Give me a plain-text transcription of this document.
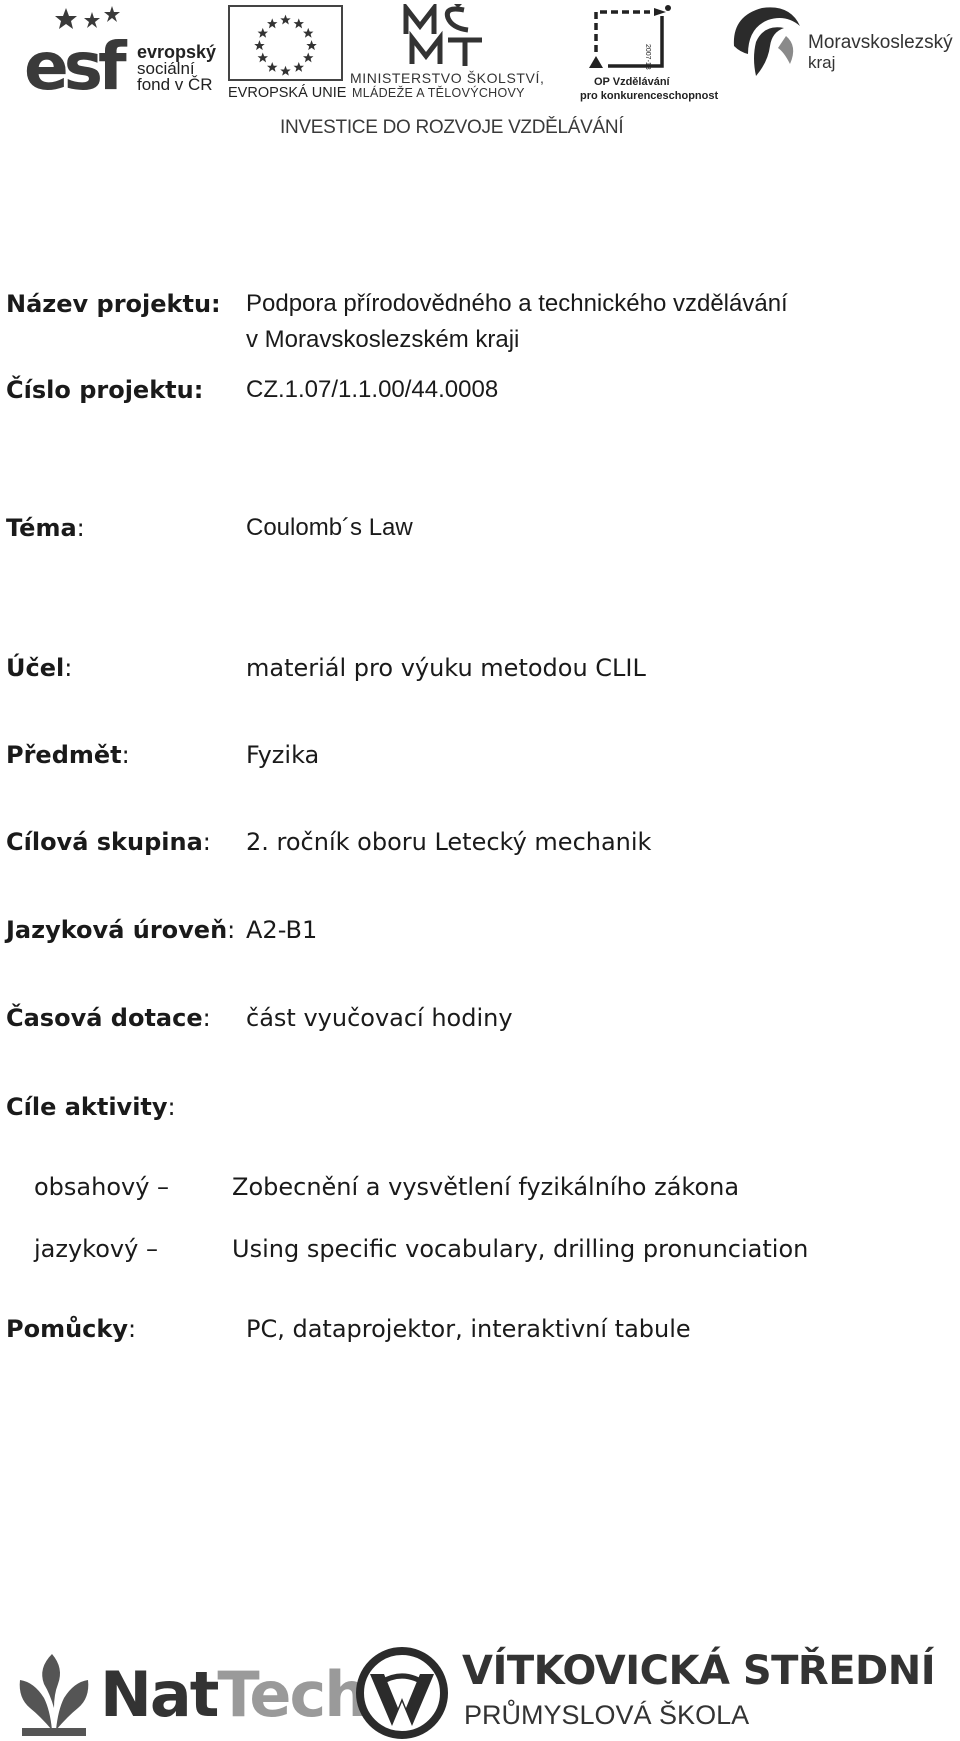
esf evropský
sociální
fond v ČR EVROPSKÁ UNIE
MINISTERSTVO ŠKOLSTVÍ,
MLÁDEŽE A TĚLOVÝCHOVY
2007-13
OP Vzdělávání
pro konkurenceschopnost
Moravskoslezský
kraj
INVESTICE DO ROZVOJE VZDĚLÁVÁNÍ
Název projektu: Podpora přírodovědného a technického vzdělávání
v Moravskoslezském kraji
Číslo projektu: CZ.1.07/1.1.00/44.0008
Téma:	Coulomb´s Law
Účel:	materiál pro výuku metodou CLIL
Předmět:	Fyzika
Cílová skupina: 2. ročník oboru Letecký mechanik
Jazyková úroveň: A2-B1
Časová dotace: část vyučovací hodiny
Cíle aktivity:
obsahový –	Zobecnění a vysvětlení fyzikálního zákona
jazykový –	Using specific vocabulary, drilling pronunciation
Pomůcky:	PC, dataprojektor, interaktivní tabule
NatTech	1828
VÍTKOVICKÁ STŘEDNÍ
PRŮMYSLOVÁ ŠKOLA
